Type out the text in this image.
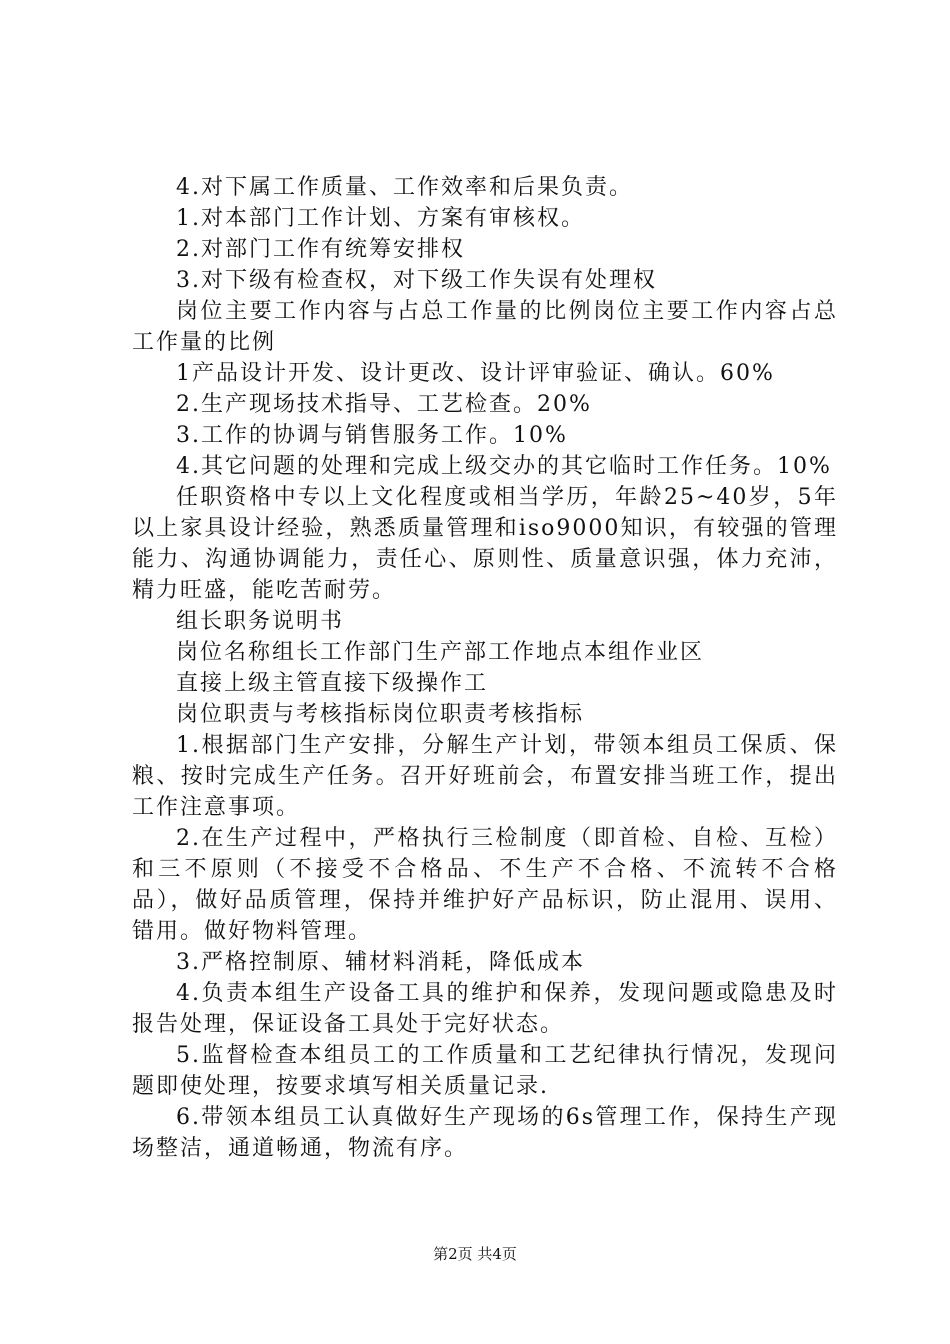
4.对下属工作质量、工作效率和后果负责。

1.对本部门工作计划、方案有审核权。

2.对部门工作有统筹安排权

3.对下级有检查权，对下级工作失误有处理权

岗位主要工作内容与占总工作量的比例岗位主要工作内容占总工作量的比例

1产品设计开发、设计更改、设计评审验证、确认。60%

2.生产现场技术指导、工艺检查。20%

3.工作的协调与销售服务工作。10%

4.其它问题的处理和完成上级交办的其它临时工作任务。10%

任职资格中专以上文化程度或相当学历，年龄25~40岁，5年以上家具设计经验，熟悉质量管理和iso9000知识，有较强的管理能力、沟通协调能力，责任心、原则性、质量意识强，体力充沛，精力旺盛，能吃苦耐劳。

组长职务说明书

岗位名称组长工作部门生产部工作地点本组作业区

直接上级主管直接下级操作工

岗位职责与考核指标岗位职责考核指标

1.根据部门生产安排，分解生产计划，带领本组员工保质、保粮、按时完成生产任务。召开好班前会，布置安排当班工作，提出工作注意事项。

2.在生产过程中，严格执行三检制度（即首检、自检、互检）和三不原则（不接受不合格品、不生产不合格、不流转不合格品），做好品质管理，保持并维护好产品标识，防止混用、误用、错用。做好物料管理。

3.严格控制原、辅材料消耗，降低成本

4.负责本组生产设备工具的维护和保养，发现问题或隐患及时报告处理，保证设备工具处于完好状态。

5.监督检查本组员工的工作质量和工艺纪律执行情况，发现问题即使处理，按要求填写相关质量记录.

6.带领本组员工认真做好生产现场的6s管理工作，保持生产现场整洁，通道畅通，物流有序。

第2页 共4页
